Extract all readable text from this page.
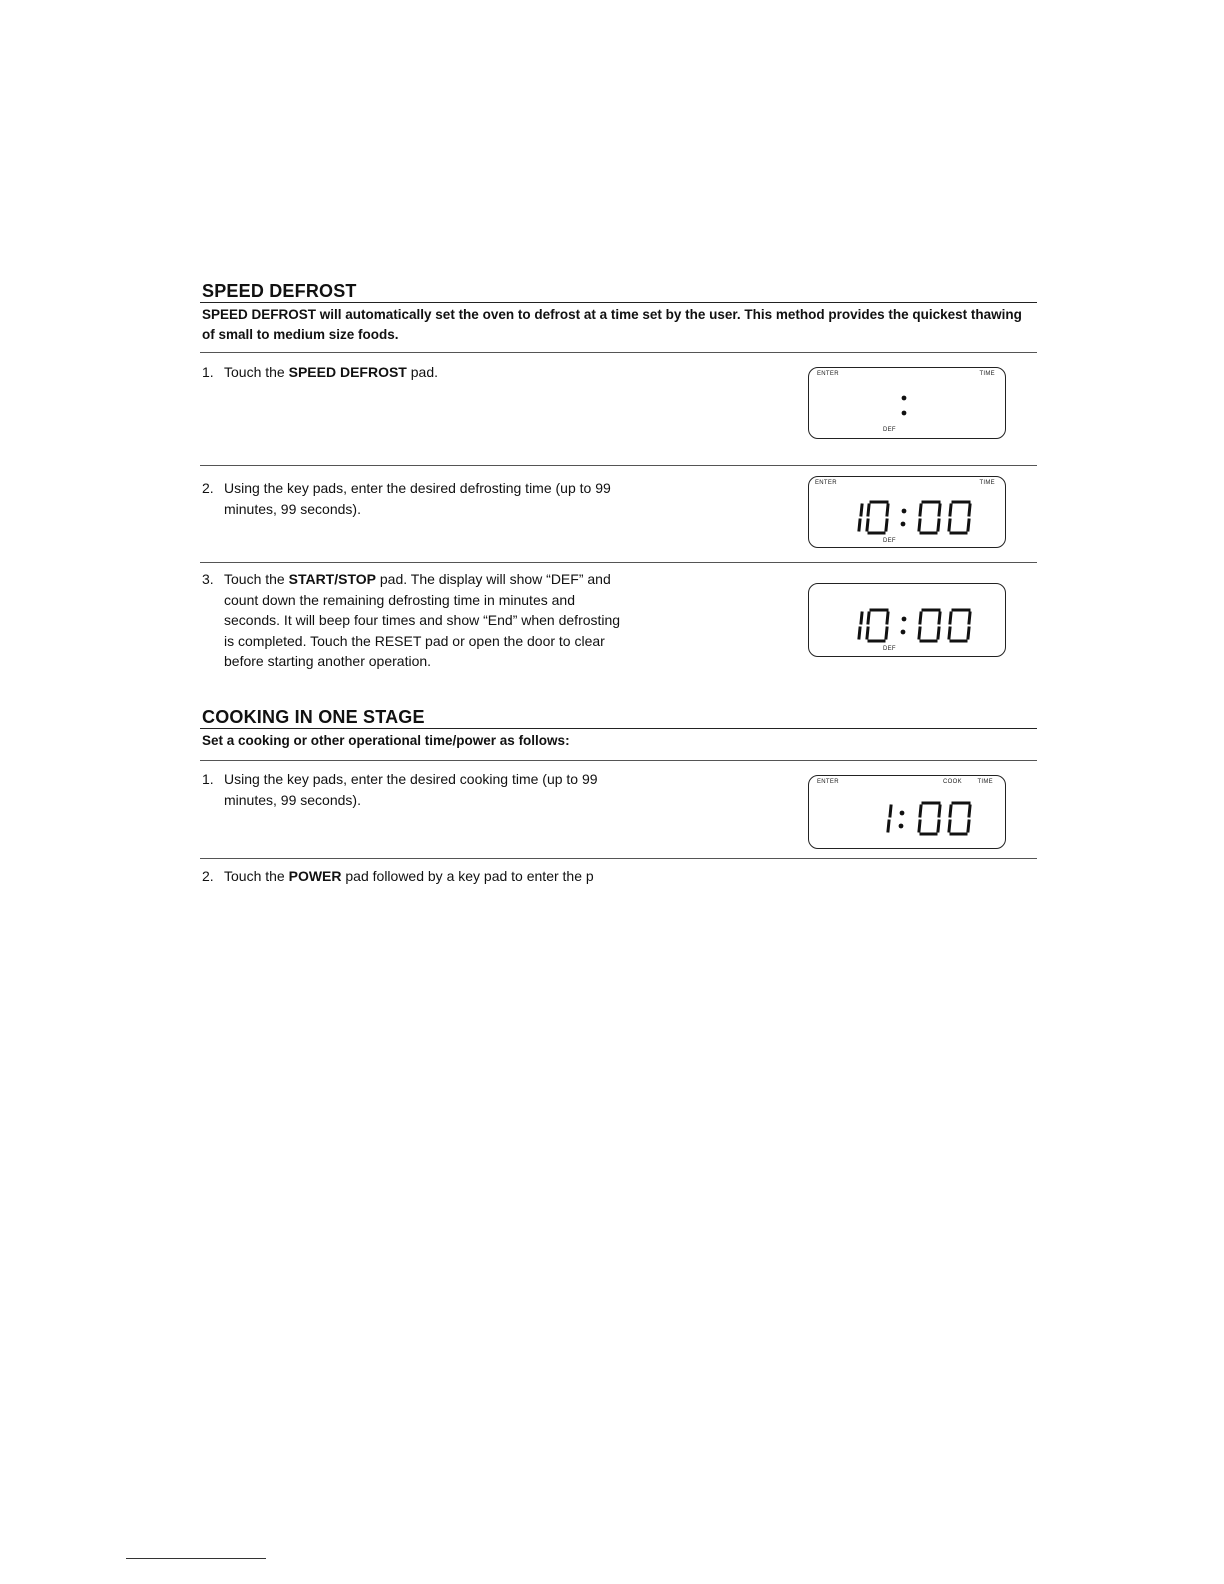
SPEED DEFROST
SPEED DEFROST will automatically set the oven to defrost at a time set by the user. This method provides the quickest thawing of small to medium size foods.
1. Touch the SPEED DEFROST pad.	ENTER	TIME
DEF
2. Using the key pads, enter the desired defrosting time (up to 99 minutes, 99 seconds).
ENTER	TIME
DEF
3. Touch the START/STOP pad. The display will show “DEF” and count down the remaining defrosting time in minutes and seconds. It will beep four times and show “End” when defrosting is completed. Touch the RESET pad or open the door to clear before starting another operation.
DEF
COOKING IN ONE STAGE
Set a cooking or other operational time/power as follows:
1. Using the key pads, enter the desired cooking time (up to 99 minutes, 99 seconds).
ENTER	COOK	TIME
2. Touch the POWER pad followed by a key pad to enter the p
